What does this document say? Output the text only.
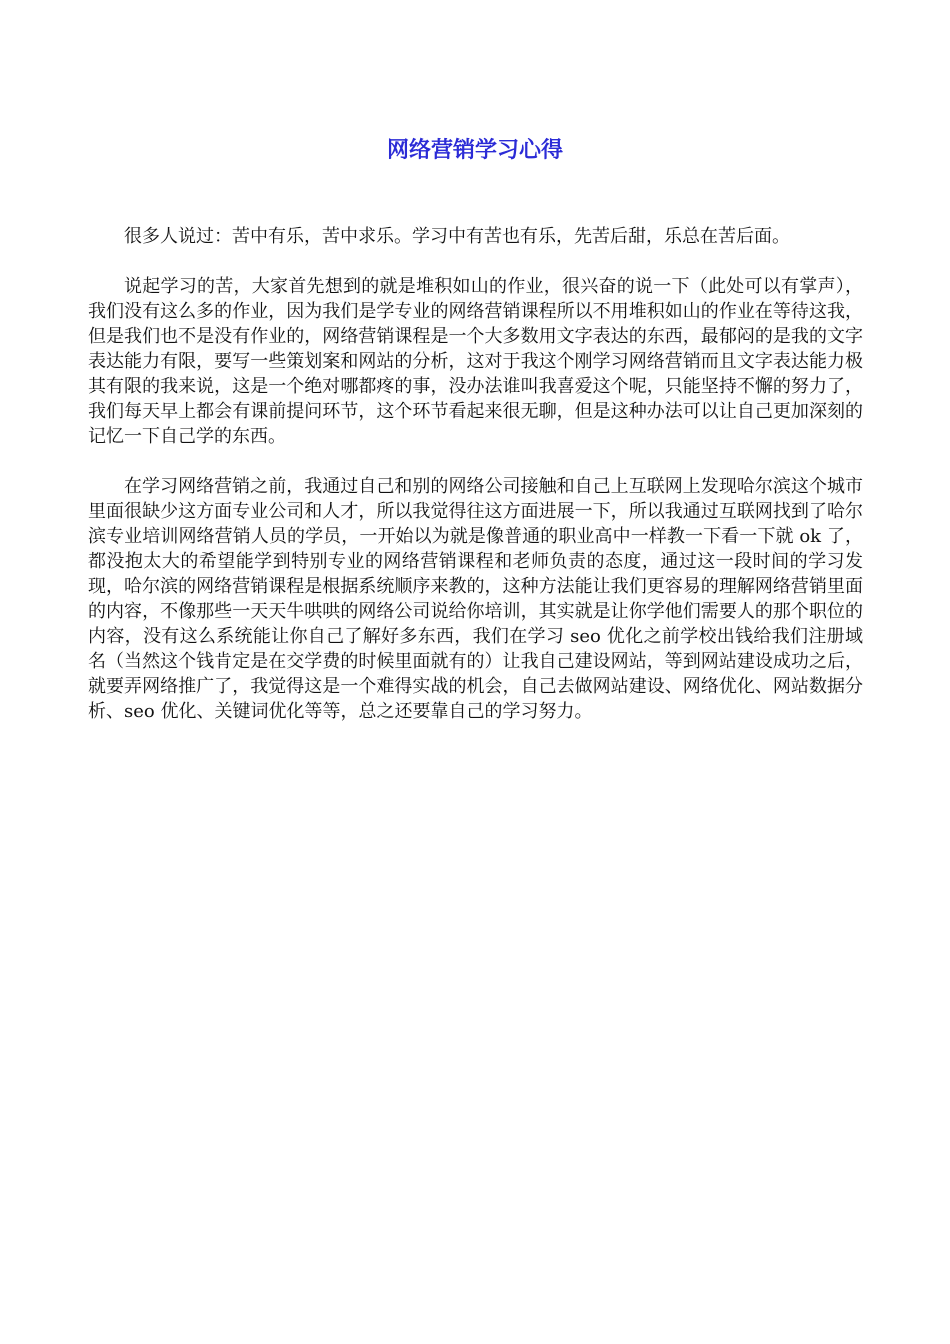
网络营销学习心得

很多人说过：苦中有乐，苦中求乐。学习中有苦也有乐，先苦后甜，乐总在苦后面。

说起学习的苦，大家首先想到的就是堆积如山的作业，很兴奋的说一下（此处可以有掌声），我们没有这么多的作业，因为我们是学专业的网络营销课程所以不用堆积如山的作业在等待这我，但是我们也不是没有作业的，网络营销课程是一个大多数用文字表达的东西，最郁闷的是我的文字表达能力有限，要写一些策划案和网站的分析，这对于我这个刚学习网络营销而且文字表达能力极其有限的我来说，这是一个绝对哪都疼的事，没办法谁叫我喜爱这个呢，只能坚持不懈的努力了，我们每天早上都会有课前提问环节，这个环节看起来很无聊，但是这种办法可以让自己更加深刻的记忆一下自己学的东西。

在学习网络营销之前，我通过自己和别的网络公司接触和自己上互联网上发现哈尔滨这个城市里面很缺少这方面专业公司和人才，所以我觉得往这方面进展一下，所以我通过互联网找到了哈尔滨专业培训网络营销人员的学员，一开始以为就是像普通的职业高中一样教一下看一下就 ok 了，都没抱太大的希望能学到特别专业的网络营销课程和老师负责的态度，通过这一段时间的学习发现，哈尔滨的网络营销课程是根据系统顺序来教的，这种方法能让我们更容易的理解网络营销里面的内容，不像那些一天天牛哄哄的网络公司说给你培训，其实就是让你学他们需要人的那个职位的内容，没有这么系统能让你自己了解好多东西，我们在学习 seo 优化之前学校出钱给我们注册域名（当然这个钱肯定是在交学费的时候里面就有的）让我自己建设网站，等到网站建设成功之后，就要弄网络推广了，我觉得这是一个难得实战的机会，自己去做网站建设、网络优化、网站数据分析、seo 优化、关键词优化等等，总之还要靠自己的学习努力。
